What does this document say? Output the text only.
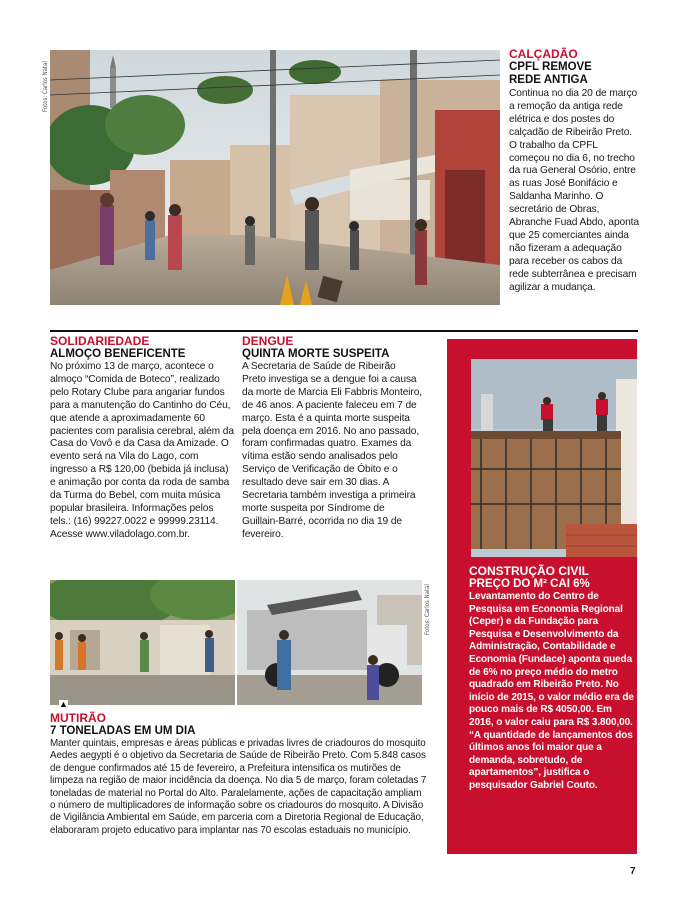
Fotos: Carlos Natal
CALÇADÃO
CPFL REMOVE REDE ANTIGA
Continua no dia 20 de março a remoção da antiga rede elétrica e dos postes do calçadão de Ribeirão Preto. O trabalho da CPFL começou no dia 6, no trecho da rua General Osório, entre as ruas José Bonifácio e Saldanha Marinho. O secretário de Obras, Abranche Fuad Abdo, aponta que 25 comerciantes ainda não fizeram a adequação para receber os cabos da rede subterrânea e precisam agilizar a mudança.
SOLIDARIEDADE
ALMOÇO BENEFICENTE
No próximo 13 de março, acontece o almoço “Comida de Boteco”, realizado pelo Rotary Clube para angariar fundos para a manutenção do Cantinho do Céu, que atende a aproximadamente 60 pacientes com paralisia cerebral, além da Casa do Vovô e da Casa da Amizade. O evento será na Vila do Lago, com ingresso a R$ 120,00 (bebida já inclusa) e animação por conta da roda de samba da Turma do Bebel, com muita música popular brasileira. Informações pelos tels.: (16) 99227.0022 e 99999.23114. Acesse www.viladolago.com.br.
DENGUE
QUINTA MORTE SUSPEITA
A Secretaria de Saúde de Ribeirão Preto investiga se a dengue foi a causa da morte de Marcia Eli Fabbris Monteiro, de 46 anos. A paciente faleceu em 7 de março. Esta é a quinta morte suspeita pela doença em 2016. No ano passado, foram confirmadas quatro. Exames da vítima estão sendo analisados pelo Serviço de Verificação de Óbito e o resultado deve sair em 30 dias. A Secretaria também investiga a primeira morte suspeita por Síndrome de Guillain-Barré, ocorrida no dia 19 de fevereiro.
CONSTRUÇÃO CIVIL
PREÇO DO M² CAI 6%
Levantamento do Centro de Pesquisa em Economia Regional (Ceper) e da Fundação para Pesquisa e Desenvolvimento da Administração, Contabilidade e Economia (Fundace) aponta queda de 6% no preço médio do metro quadrado em Ribeirão Preto. No início de 2015, o valor médio era de pouco mais de R$ 4050,00. Em 2016, o valor caiu para R$ 3.800,00. “A quantidade de lançamentos dos últimos anos foi maior que a demanda, sobretudo, de apartamentos”, justifica o pesquisador Gabriel Couto.
Fotos: Carlos Natal
▲
MUTIRÃO
7 TONELADAS EM UM DIA
Manter quintais, empresas e áreas públicas e privadas livres de criadouros do mosquito Aedes aegypti é o objetivo da Secretaria de Saúde de Ribeirão Preto. Com 5.848 casos de dengue confirmados até 15 de fevereiro, a Prefeitura intensifica os mutirões de limpeza na região de maior incidência da doença. No dia 5 de março, foram coletadas 7 toneladas de material no Portal do Alto. Paralelamente, ações de capacitação ampliam o número de multiplicadores de informação sobre os criadouros do mosquito. A Divisão de Vigilância Ambiental em Saúde, em parceria com a Diretoria Regional de Educação, elaboraram projeto educativo para implantar nas 70 escolas estaduais no município.
7
